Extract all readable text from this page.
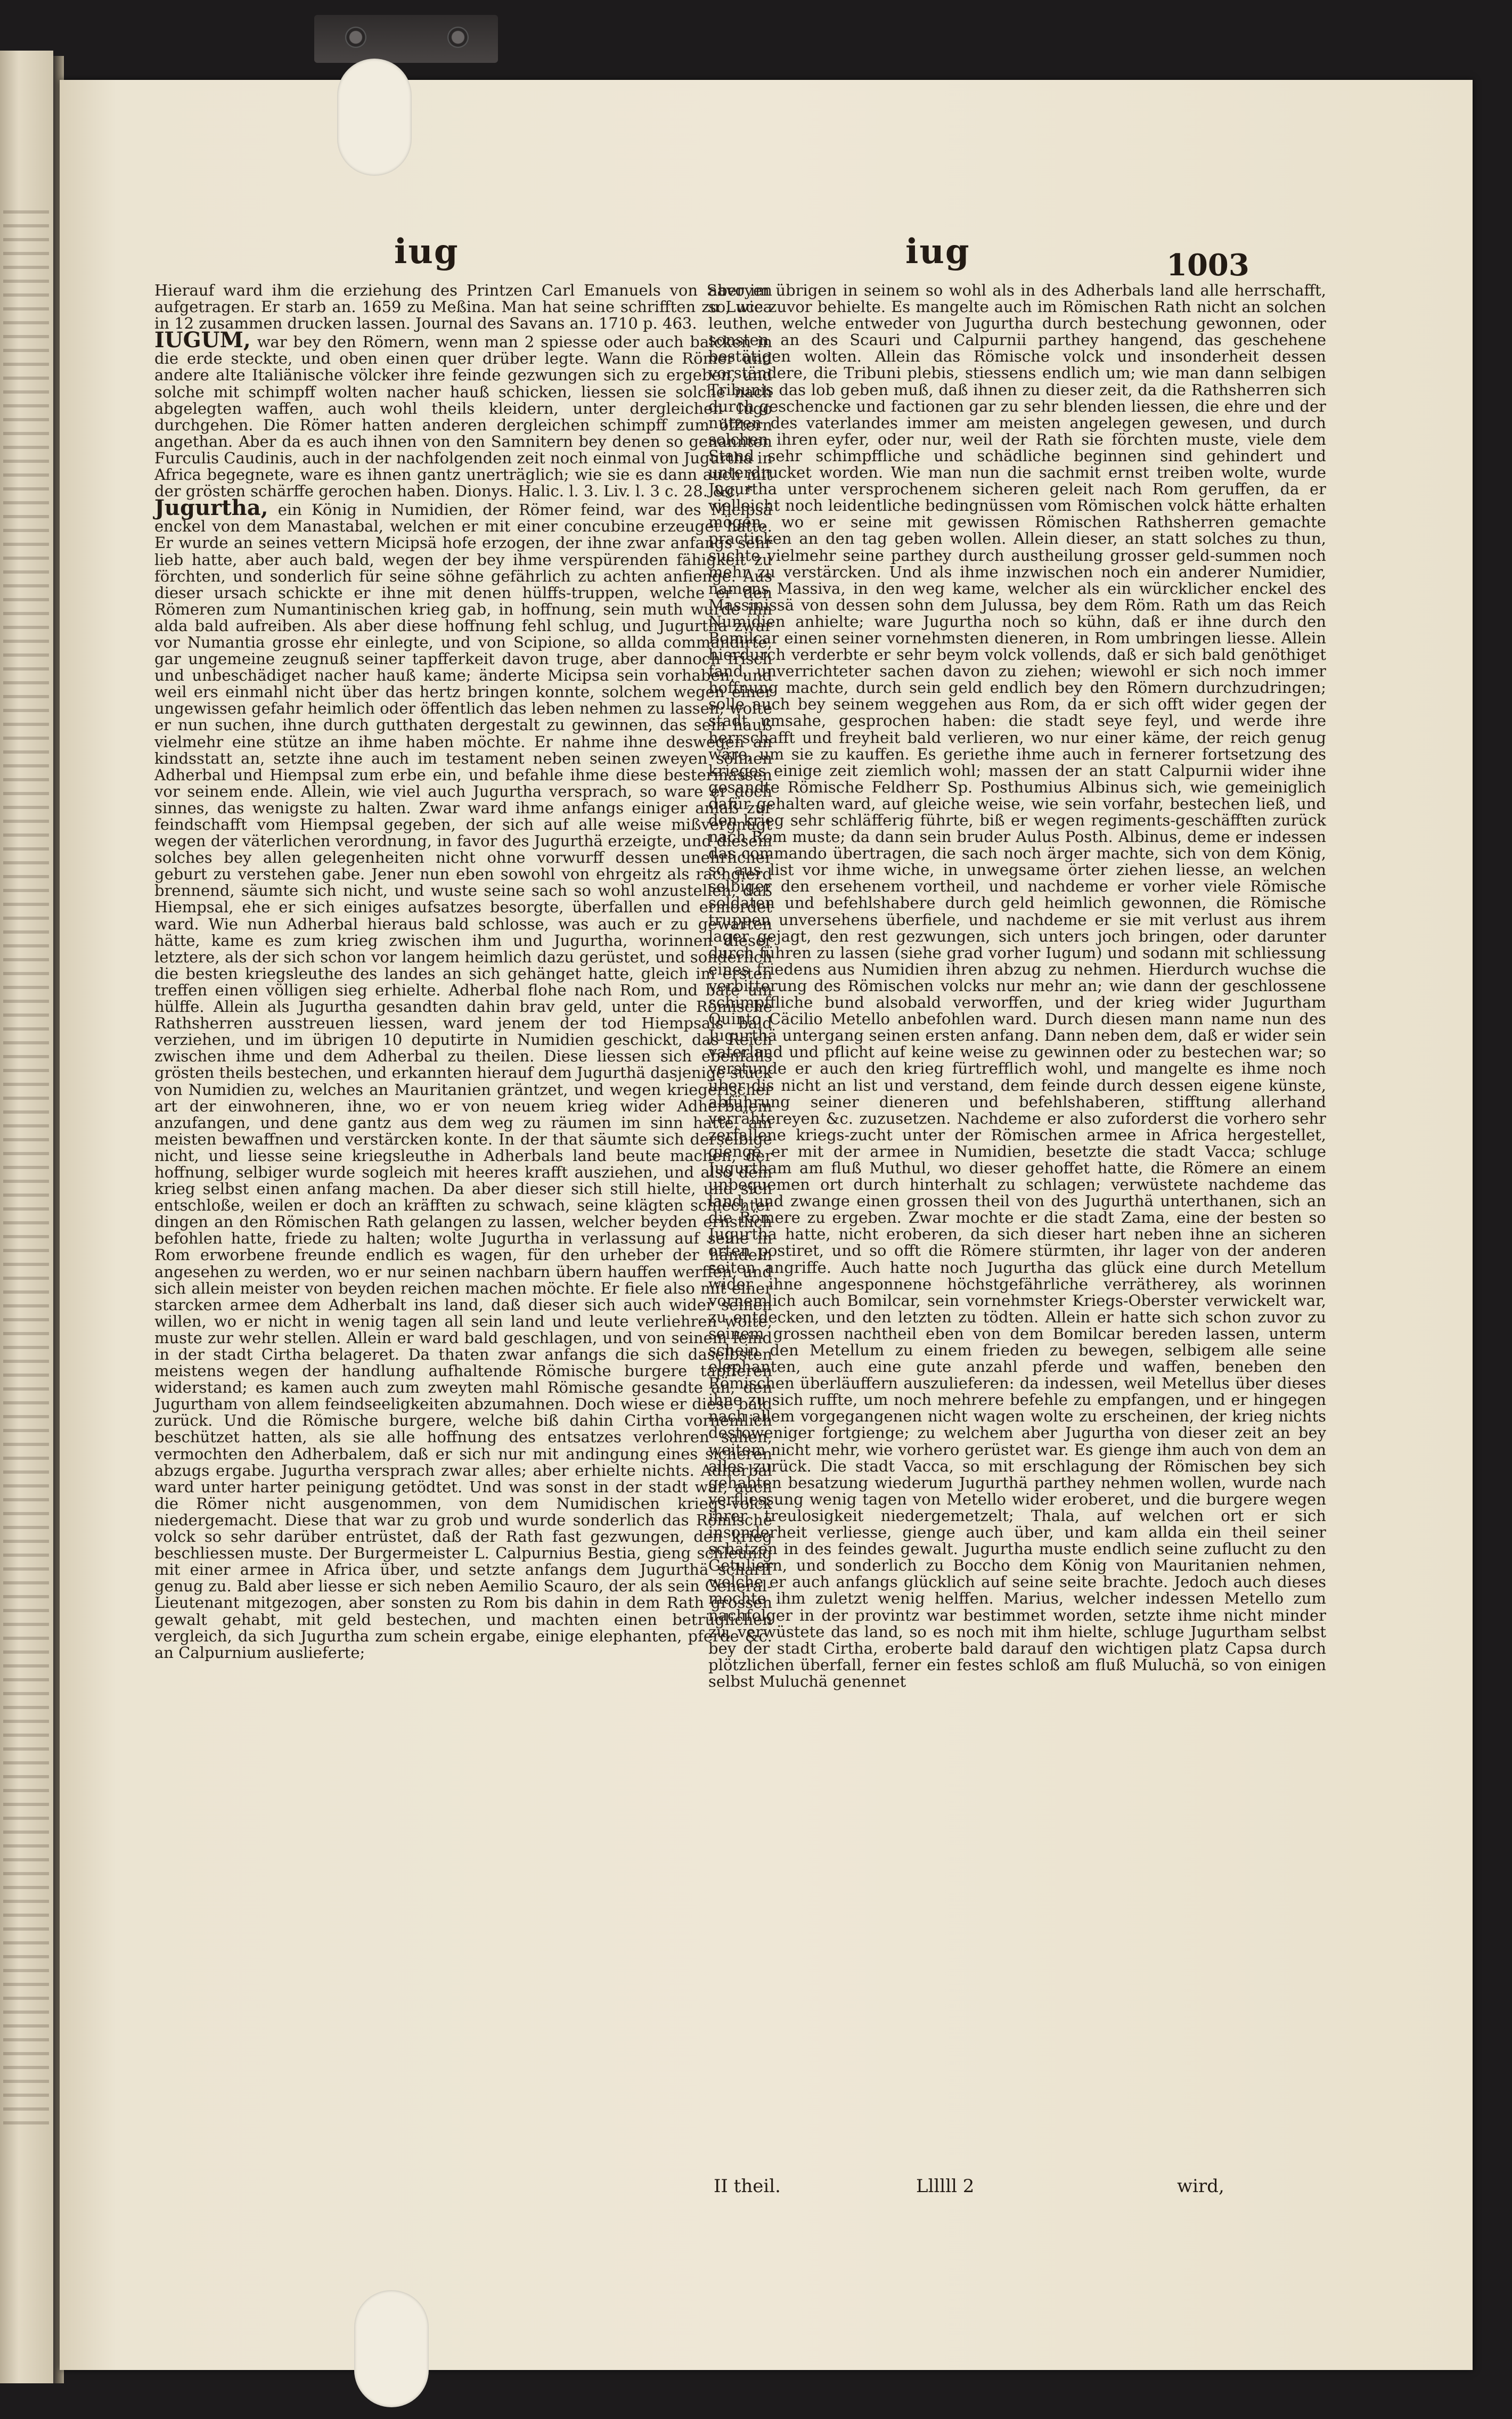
iug	iug	1003

Hierauf ward ihm die erziehung des Printzen Carl Emanuels von Savoyen aufgetragen. Er starb an. 1659 zu Meßina. Man hat seine schrifften zu Lucca in 12 zusammen drucken lassen. Journal des Savans an. 1710 p. 463.

IUGUM, war bey den Römern, wenn man 2 spiesse oder auch balcken in die erde steckte, und oben einen quer drüber legte. Wann die Römer und andere alte Italiänische völcker ihre feinde gezwungen sich zu ergeben, und solche mit schimpff wolten nacher hauß schicken, liessen sie solche nach abgelegten waffen, auch wohl theils kleidern, unter dergleichen Iugo durchgehen. Die Römer hatten anderen dergleichen schimpff zum öfftern angethan. Aber da es auch ihnen von den Samnitern bey denen so genannten Furculis Caudinis, auch in der nachfolgenden zeit noch einmal von Jugurtha in Africa begegnete, ware es ihnen gantz unerträglich; wie sie es dann auch mit der grösten schärffe gerochen haben. Dionys. Halic. l. 3. Liv. l. 3 c. 28. &c. *

Jugurtha, ein König in Numidien, der Römer feind, war des Micipsä enckel von dem Manastabal, welchen er mit einer concubine erzeuget hatte. Er wurde an seines vettern Micipsä hofe erzogen, der ihne zwar anfangs sehr lieb hatte, aber auch bald, wegen der bey ihme verspürenden fähigkeit zu förchten, und sonderlich für seine söhne gefährlich zu achten anfienge. Aus dieser ursach schickte er ihne mit denen hülffs-truppen, welche er den Römeren zum Numantinischen krieg gab, in hoffnung, sein muth wurde ihn alda bald aufreiben. Als aber diese hoffnung fehl schlug, und Jugurtha zwar vor Numantia grosse ehr einlegte, und von Scipione, so allda commandirte, gar ungemeine zeugnuß seiner tapfferkeit davon truge, aber dannoch frisch und unbeschädiget nacher hauß kame; änderte Micipsa sein vorhaben, und weil ers einmahl nicht über das hertz bringen konnte, solchem wegen einer ungewissen gefahr heimlich oder öffentlich das leben nehmen zu lassen; wolte er nun suchen, ihne durch gutthaten dergestalt zu gewinnen, das sein hauß vielmehr eine stütze an ihme haben möchte. Er nahme ihne deswegen an kindsstatt an, setzte ihne auch im testament neben seinen zweyen söhnen Adherbal und Hiempsal zum erbe ein, und befahle ihme diese bestermassen vor seinem ende. Allein, wie viel auch Jugurtha versprach, so ware er doch sinnes, das wenigste zu halten. Zwar ward ihme anfangs einiger anlaß zur feindschafft vom Hiempsal gegeben, der sich auf alle weise mißvergnügt wegen der väterlichen verordnung, in favor des Jugurthä erzeigte, und diesem solches bey allen gelegenheiten nicht ohne vorwurff dessen unehrlicher geburt zu verstehen gabe. Jener nun eben sowohl von ehrgeitz als rachgierd brennend, säumte sich nicht, und wuste seine sach so wohl anzustellen, daß Hiempsal, ehe er sich einiges aufsatzes besorgte, überfallen und ermordet ward. Wie nun Adherbal hieraus bald schlosse, was auch er zu gewarten hätte, kame es zum krieg zwischen ihm und Jugurtha, worinnen dieser letztere, als der sich schon vor langem heimlich dazu gerüstet, und sonderlich die besten kriegsleuthe des landes an sich gehänget hatte, gleich im ersten treffen einen völligen sieg erhielte. Adherbal flohe nach Rom, und bate um hülffe. Allein als Jugurtha gesandten dahin brav geld, unter die Römische Rathsherren ausstreuen liessen, ward jenem der tod Hiempsals bald verziehen, und im übrigen 10 deputirte in Numidien geschickt, das Reich zwischen ihme und dem Adherbal zu theilen. Diese liessen sich ebenfalls grösten theils bestechen, und erkannten hierauf dem Jugurthä dasjenige stück von Numidien zu, welches an Mauritanien gräntzet, und wegen kriegerischer art der einwohneren, ihne, wo er von neuem krieg wider Adherbalem anzufangen, und dene gantz aus dem weg zu räumen im sinn hatte, am meisten bewaffnen und verstärcken konte. In der that säumte sich derselbige nicht, und liesse seine kriegsleuthe in Adherbals land beute machen, der hoffnung, selbiger wurde sogleich mit heeres krafft ausziehen, und also dem krieg selbst einen anfang machen. Da aber dieser sich still hielte, und sich entschloße, weilen er doch an kräfften zu schwach, seine klägten schlechter dingen an den Römischen Rath gelangen zu lassen, welcher beyden ernstlich befohlen hatte, friede zu halten; wolte Jugurtha in verlassung auf seine in Rom erworbene freunde endlich es wagen, für den urheber der händeln angesehen zu werden, wo er nur seinen nachbarn übern hauffen werffen, und sich allein meister von beyden reichen machen möchte. Er fiele also mit einer starcken armee dem Adherbalt ins land, daß dieser sich auch wider seinen willen, wo er nicht in wenig tagen all sein land und leute verliehren wolte, muste zur wehr stellen. Allein er ward bald geschlagen, und von seinem feind in der stadt Cirtha belageret. Da thaten zwar anfangs die sich daselbsten meistens wegen der handlung aufhaltende Römische burgere tapfferen widerstand; es kamen auch zum zweyten mahl Römische gesandte an, den Jugurtham von allem feindseeligkeiten abzumahnen. Doch wiese er diese bald zurück. Und die Römische burgere, welche biß dahin Cirtha vornemlich beschützet hatten, als sie alle hoffnung des entsatzes verlohren sahen, vermochten den Adherbalem, daß er sich nur mit andingung eines sicheren abzugs ergabe. Jugurtha versprach zwar alles; aber erhielte nichts. Adherbal ward unter harter peinigung getödtet. Und was sonst in der stadt war, auch die Römer nicht ausgenommen, von dem Numidischen kriegs-volck niedergemacht. Diese that war zu grob und wurde sonderlich das Römische volck so sehr darüber entrüstet, daß der Rath fast gezwungen, den krieg beschliessen muste. Der Burgermeister L. Calpurnius Bestia, gieng schleunig mit einer armee in Africa über, und setzte anfangs dem Jugurthä scharff genug zu. Bald aber liesse er sich neben Aemilio Scauro, der als sein General-Lieutenant mitgezogen, aber sonsten zu Rom bis dahin in dem Rath grossen gewalt gehabt, mit geld bestechen, und machten einen betrüglichen vergleich, da sich Jugurtha zum schein ergabe, einige elephanten, pferde &c. an Calpurnium auslieferte;

aber im übrigen in seinem so wohl als in des Adherbals land alle herrschafft, so, wie zuvor behielte. Es mangelte auch im Römischen Rath nicht an solchen leuthen, welche entweder von Jugurtha durch bestechung gewonnen, oder sonsten an des Scauri und Calpurnii parthey hangend, das geschehene bestätigen wolten. Allein das Römische volck und insonderheit dessen vorständere, die Tribuni plebis, stiessens endlich um; wie man dann selbigen Tribunis das lob geben muß, daß ihnen zu dieser zeit, da die Rathsherren sich durch geschencke und factionen gar zu sehr blenden liessen, die ehre und der nutzen des vaterlandes immer am meisten angelegen gewesen, und durch solchen ihren eyfer, oder nur, weil der Rath sie förchten muste, viele dem Stand sehr schimpffliche und schädliche beginnen sind gehindert und unterdrucket worden. Wie man nun die sachmit ernst treiben wolte, wurde Jugurtha unter versprochenem sicheren geleit nach Rom geruffen, da er vielleicht noch leidentliche bedingnüssen vom Römischen volck hätte erhalten mögen, wo er seine mit gewissen Römischen Rathsherren gemachte practicken an den tag geben wollen. Allein dieser, an statt solches zu thun, suchte vielmehr seine parthey durch austheilung grosser geld-summen noch mehr zu verstärcken. Und als ihme inzwischen noch ein anderer Numidier, namens Massiva, in den weg kame, welcher als ein würcklicher enckel des Massinissä von dessen sohn dem Julussa, bey dem Röm. Rath um das Reich Numidien anhielte; ware Jugurtha noch so kühn, daß er ihne durch den Bomilcar einen seiner vornehmsten dieneren, in Rom umbringen liesse. Allein hierdurch verderbte er sehr beym volck vollends, daß er sich bald genöthiget fand, unverrichteter sachen davon zu ziehen; wiewohl er sich noch immer hoffnung machte, durch sein geld endlich bey den Römern durchzudringen; solle auch bey seinem weggehen aus Rom, da er sich offt wider gegen der stadt umsahe, gesprochen haben: die stadt seye feyl, und werde ihre herrschafft und freyheit bald verlieren, wo nur einer käme, der reich genug wäre, um sie zu kauffen. Es geriethe ihme auch in fernerer fortsetzung des krieges einige zeit ziemlich wohl; massen der an statt Calpurnii wider ihne gesandte Römische Feldherr Sp. Posthumius Albinus sich, wie gemeiniglich dafür gehalten ward, auf gleiche weise, wie sein vorfahr, bestechen ließ, und den krieg sehr schläfferig führte, biß er wegen regiments-geschäfften zurück nach Rom muste; da dann sein bruder Aulus Posth. Albinus, deme er indessen das commando übertragen, die sach noch ärger machte, sich von dem König, so aus list vor ihme wiche, in unwegsame örter ziehen liesse, an welchen selbiger den ersehenem vortheil, und nachdeme er vorher viele Römische soldaten und befehlshabere durch geld heimlich gewonnen, die Römische truppen unversehens überfiele, und nachdeme er sie mit verlust aus ihrem lager gejagt, den rest gezwungen, sich unters joch bringen, oder darunter durch führen zu lassen (siehe grad vorher Iugum) und sodann mit schliessung eines friedens aus Numidien ihren abzug zu nehmen. Hierdurch wuchse die verbitterung des Römischen volcks nur mehr an; wie dann der geschlossene schimpffliche bund alsobald verworffen, und der krieg wider Jugurtham Quinto Cäcilio Metello anbefohlen ward. Durch diesen mann name nun des Jugurthä untergang seinen ersten anfang. Dann neben dem, daß er wider sein vaterland und pflicht auf keine weise zu gewinnen oder zu bestechen war; so verstunde er auch den krieg fürtrefflich wohl, und mangelte es ihme noch über dis nicht an list und verstand, dem feinde durch dessen eigene künste, abführung seiner dieneren und befehlshaberen, stifftung allerhand verrähtereyen &c. zuzusetzen. Nachdeme er also zuforderst die vorhero sehr zerfallene kriegs-zucht unter der Römischen armee in Africa hergestellet, gienge er mit der armee in Numidien, besetzte die stadt Vacca; schluge Jugurtham am fluß Muthul, wo dieser gehoffet hatte, die Römere an einem unbequemen ort durch hinterhalt zu schlagen; verwüstete nachdeme das land, und zwange einen grossen theil von des Jugurthä unterthanen, sich an die Römere zu ergeben. Zwar mochte er die stadt Zama, eine der besten so Jugurtha hatte, nicht eroberen, da sich dieser hart neben ihne an sicheren orten postiret, und so offt die Römere stürmten, ihr lager von der anderen seiten angriffe. Auch hatte noch Jugurtha das glück eine durch Metellum wider ihne angesponnene höchstgefährliche verrätherey, als worinnen vornemlich auch Bomilcar, sein vornehmster Kriegs-Oberster verwickelt war, zu entdecken, und den letzten zu tödten. Allein er hatte sich schon zuvor zu seinem grossen nachtheil eben von dem Bomilcar bereden lassen, unterm schein den Metellum zu einem frieden zu bewegen, selbigem alle seine elephanten, auch eine gute anzahl pferde und waffen, beneben den Römischen überläuffern auszulieferen: da indessen, weil Metellus über dieses ihne zu sich ruffte, um noch mehrere befehle zu empfangen, und er hingegen nach allem vorgegangenen nicht wagen wolte zu erscheinen, der krieg nichts destoweniger fortgienge; zu welchem aber Jugurtha von dieser zeit an bey weitem nicht mehr, wie vorhero gerüstet war. Es gienge ihm auch von dem an alles zurück. Die stadt Vacca, so mit erschlagung der Römischen bey sich gehabten besatzung wiederum Jugurthä parthey nehmen wollen, wurde nach verfliessung wenig tagen von Metello wider eroberet, und die burgere wegen ihrer treulosigkeit niedergemetzelt; Thala, auf welchen ort er sich insonderheit verliesse, gienge auch über, und kam allda ein theil seiner schätzen in des feindes gewalt. Jugurtha muste endlich seine zuflucht zu den Getuliern, und sonderlich zu Boccho dem König von Mauritanien nehmen, welche er auch anfangs glücklich auf seine seite brachte. Jedoch auch dieses mochte ihm zuletzt wenig helffen. Marius, welcher indessen Metello zum nachfolger in der provintz war bestimmet worden, setzte ihme nicht minder zu, verwüstete das land, so es noch mit ihm hielte, schluge Jugurtham selbst bey der stadt Cirtha, eroberte bald darauf den wichtigen platz Capsa durch plötzlichen überfall, ferner ein festes schloß am fluß Muluchä, so von einigen selbst Muluchä genennet

II theil.	Llllll 2	wird,
